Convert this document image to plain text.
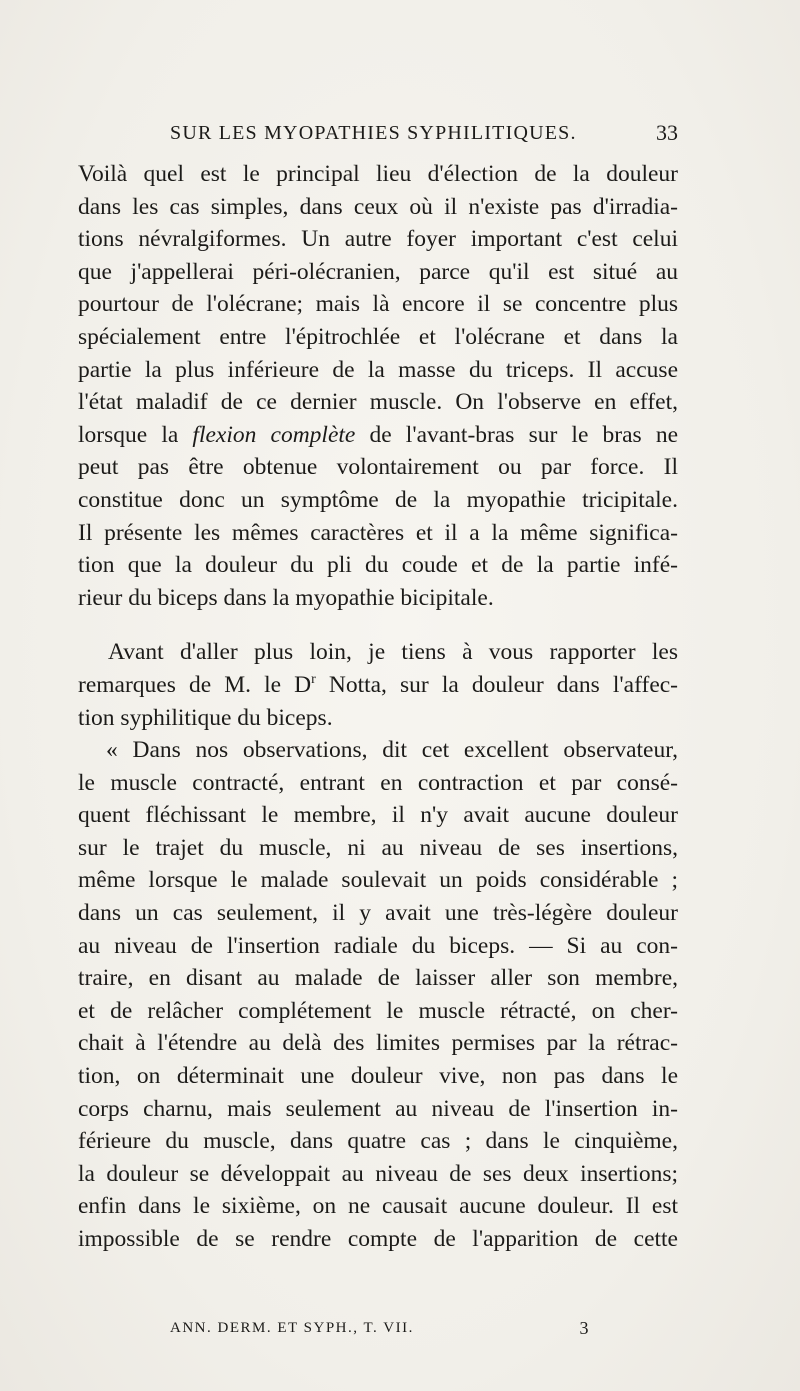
SUR LES MYOPATHIES SYPHILITIQUES.	33
Voilà quel est le principal lieu d'élection de la douleur
dans les cas simples, dans ceux où il n'existe pas d'irradia-
tions névralgiformes. Un autre foyer important c'est celui
que j'appellerai péri-olécranien, parce qu'il est situé au
pourtour de l'olécrane; mais là encore il se concentre plus
spécialement entre l'épitrochlée et l'olécrane et dans la
partie la plus inférieure de la masse du triceps. Il accuse
l'état maladif de ce dernier muscle. On l'observe en effet,
lorsque la flexion complète de l'avant-bras sur le bras ne
peut pas être obtenue volontairement ou par force. Il
constitue donc un symptôme de la myopathie tricipitale.
Il présente les mêmes caractères et il a la même significa-
tion que la douleur du pli du coude et de la partie infé-
rieur du biceps dans la myopathie bicipitale.
Avant d'aller plus loin, je tiens à vous rapporter les
remarques de M. le $D^r$ Notta, sur la douleur dans l'affec-
tion syphilitique du biceps.
« Dans nos observations, dit cet excellent observateur,
le muscle contracté, entrant en contraction et par consé-
quent fléchissant le membre, il n'y avait aucune douleur
sur le trajet du muscle, ni au niveau de ses insertions,
même lorsque le malade soulevait un poids considérable ;
dans un cas seulement, il y avait une très-légère douleur
au niveau de l'insertion radiale du biceps. — Si au con-
traire, en disant au malade de laisser aller son membre,
et de relâcher complétement le muscle rétracté, on cher-
chait à l'étendre au delà des limites permises par la rétrac-
tion, on déterminait une douleur vive, non pas dans le
corps charnu, mais seulement au niveau de l'insertion in-
férieure du muscle, dans quatre cas ; dans le cinquième,
la douleur se développait au niveau de ses deux insertions;
enfin dans le sixième, on ne causait aucune douleur. Il est
impossible de se rendre compte de l'apparition de cette
ANN. DERM. ET SYPH., T. VII.	3
